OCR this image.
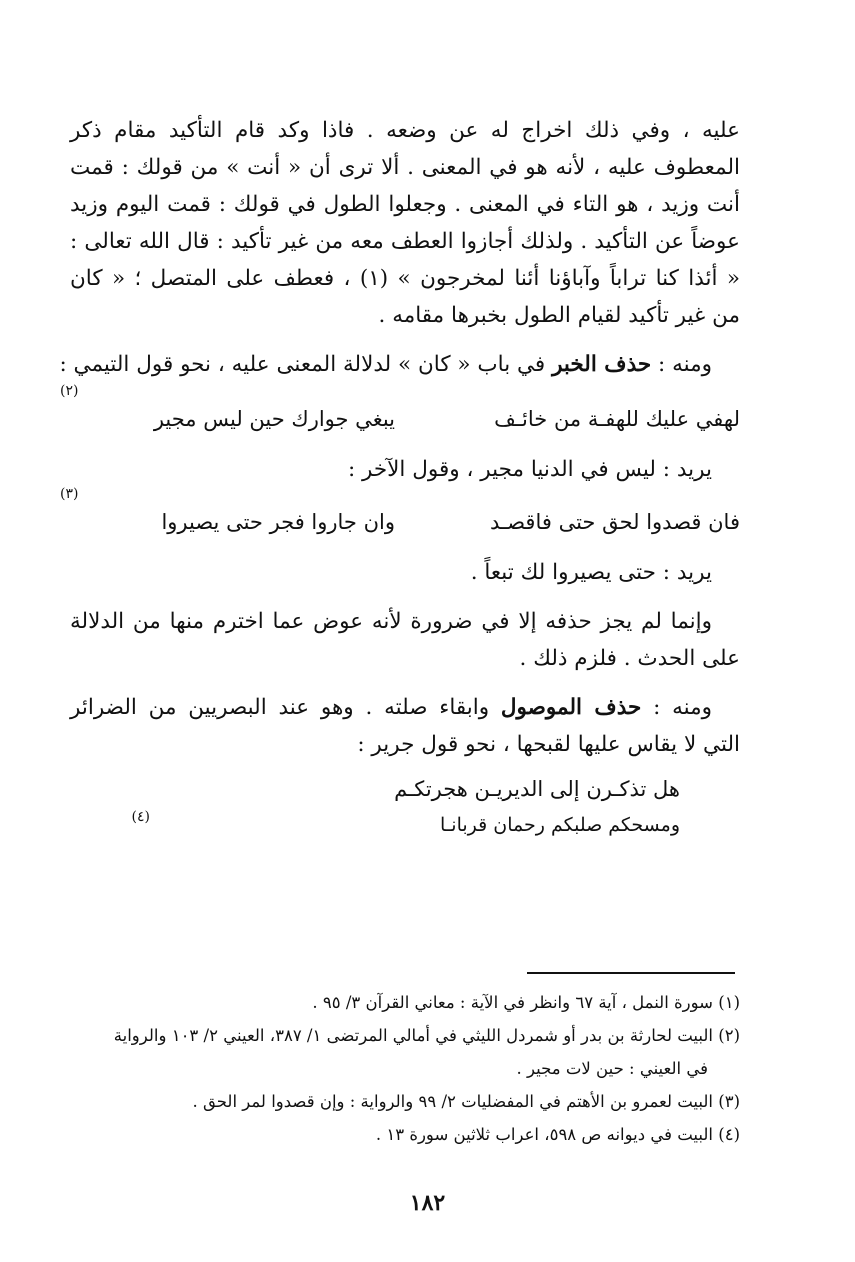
عليه ، وفي ذلك اخراج له عن وضعه . فاذا وكد قام التأكيد مقام ذكر
المعطوف عليه ، لأنه هو في المعنى . ألا ترى أن « أنت » من قولك : قمت
أنت وزيد ، هو التاء في المعنى . وجعلوا الطول في قولك : قمت اليوم وزيد
عوضاً عن التأكيد . ولذلك أجازوا العطف معه من غير تأكيد : قال الله تعالى :
« أئذا كنا تراباً وآباؤنا أئنا لمخرجون » (١) ، فعطف على المتصل ؛ « كان
من غير تأكيد لقيام الطول بخبرها مقامه .
ومنه : حذف الخبر في باب « كان » لدلالة المعنى عليه ، نحو قول التيمي :
لهفي عليك للهفـة من خائـف
يبغي جوارك حين ليس مجير
(٢)
يريد : ليس في الدنيا مجير ، وقول الآخر :
فان قصدوا لحق حتى فاقصـد
وان جاروا فجر حتى يصيروا
(٣)
يريد : حتى يصيروا لك تبعاً .
وإنما لم يجز حذفه إلا في ضرورة لأنه عوض عما اخترم منها من الدلالة
على الحدث . فلزم ذلك .
ومنه : حذف الموصول وابقاء صلته . وهو عند البصريين من الضرائر
التي لا يقاس عليها لقبحها ، نحو قول جرير :
هل تذكـرن إلى الديريـن هجرتكـم
ومسحكم صلبكم رحمان قربانـا
(٤)
(١) سورة النمل ، آية ٦٧ وانظر في الآية : معاني القرآن ٣/ ٩٥ .
(٢) البيت لحارثة بن بدر أو شمردل الليثي في أمالي المرتضى ١/ ٣٨٧، العيني ٢/ ١٠٣ والرواية
في العيني : حين لات مجير .
(٣) البيت لعمرو بن الأهتم في المفضليات ٢/ ٩٩ والرواية : وإن قصدوا لمر الحق .
(٤) البيت في ديوانه ص ٥٩٨، اعراب ثلاثين سورة ١٣ .
١٨٢
